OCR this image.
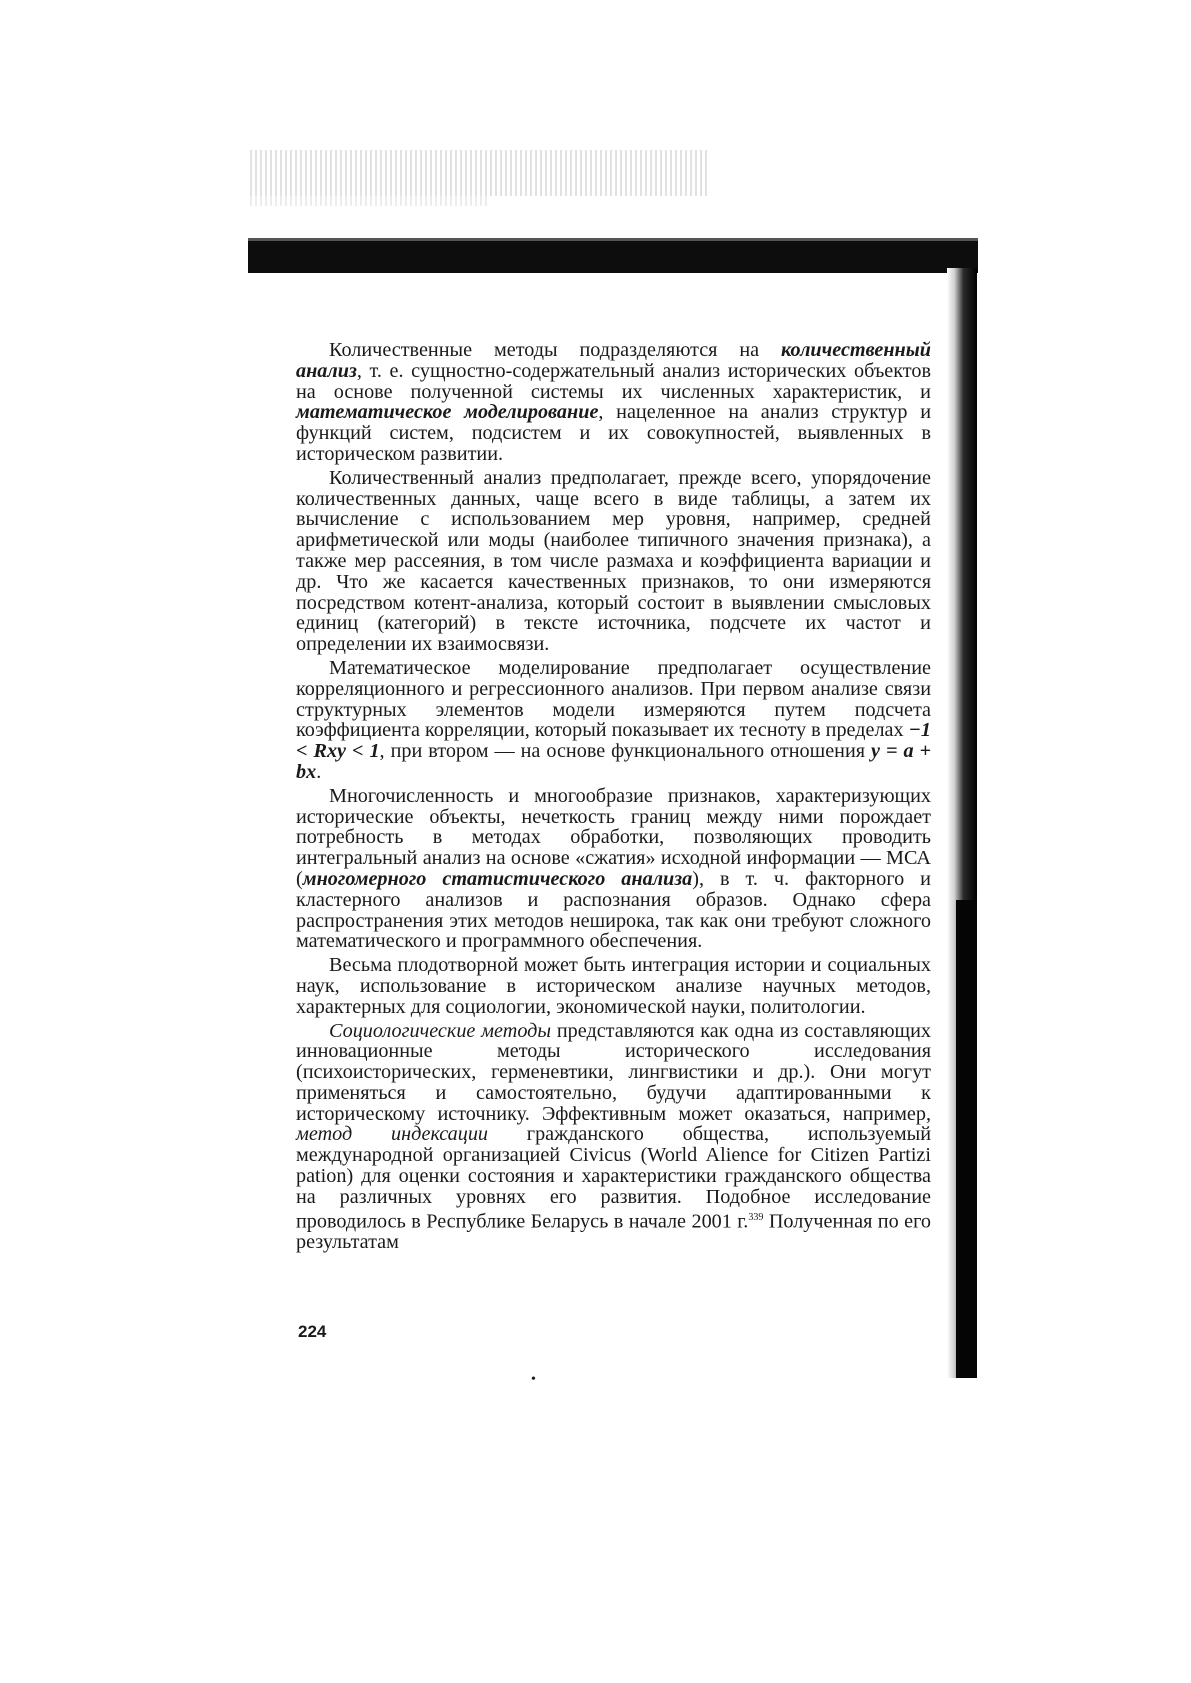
Количественные методы подразделяются на количественный анализ, т. е. сущностно-содержательный анализ исторических объектов на основе полученной системы их численных характеристик, и математическое моделирование, нацеленное на анализ структур и функций систем, подсистем и их совокупностей, выявленных в историческом развитии.

Количественный анализ предполагает, прежде всего, упорядочение количественных данных, чаще всего в виде таблицы, а затем их вычисление с использованием мер уровня, например, средней арифметической или моды (наиболее типичного значения признака), а также мер рассеяния, в том числе размаха и коэффициента вариации и др. Что же касается качественных признаков, то они измеряются посредством котент-анализа, который состоит в выявлении смысловых единиц (категорий) в тексте источника, подсчете их частот и определении их взаимосвязи.

Математическое моделирование предполагает осуществление корреляционного и регрессионного анализов. При первом анализе связи структурных элементов модели измеряются путем подсчета коэффициента корреляции, который показывает их тесноту в пределах −1 < Rxy < 1, при втором — на основе функционального отношения y = a + bx.

Многочисленность и многообразие признаков, характеризующих исторические объекты, нечеткость границ между ними порождает потребность в методах обработки, позволяющих проводить интегральный анализ на основе «сжатия» исходной информации — МСА (многомерного статистического анализа), в т. ч. факторного и кластерного анализов и распознания образов. Однако сфера распространения этих методов неширока, так как они требуют сложного математического и программного обеспечения.

Весьма плодотворной может быть интеграция истории и социальных наук, использование в историческом анализе научных методов, характерных для социологии, экономической науки, политологии.

Социологические методы представляются как одна из составляющих инновационные методы исторического исследования (психоисторических, герменевтики, лингвистики и др.). Они могут применяться и самостоятельно, будучи адаптированными к историческому источнику. Эффективным может оказаться, например, метод индексации гражданского общества, используемый международной организацией Civicus (World Alience for Citizen Partizi pation) для оценки состояния и характеристики гражданского общества на различных уровнях его развития. Подобное исследование проводилось в Республике Беларусь в начале 2001 г.$^{339}$ Полученная по его результатам

224
•
